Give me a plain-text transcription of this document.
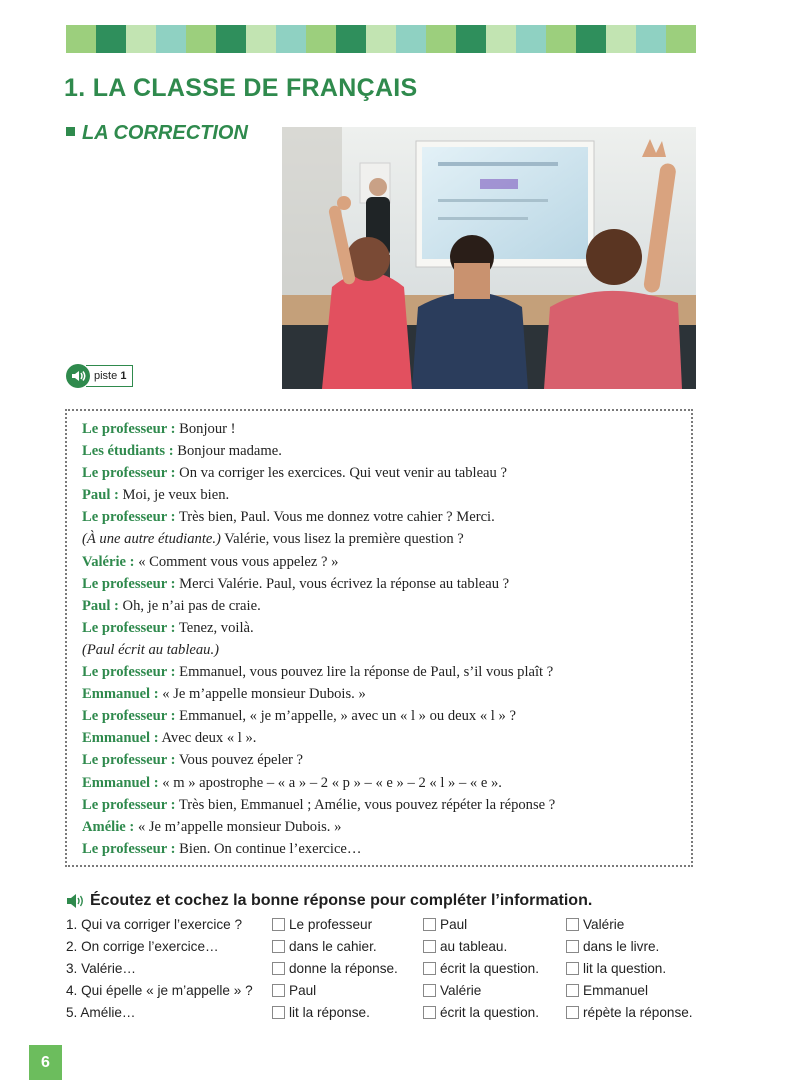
1. LA CLASSE DE FRANÇAIS
LA CORRECTION
piste 1
Le professeur : Bonjour !
Les étudiants : Bonjour madame.
Le professeur : On va corriger les exercices. Qui veut venir au tableau ?
Paul : Moi, je veux bien.
Le professeur : Très bien, Paul. Vous me donnez votre cahier ? Merci.
(À une autre étudiante.) Valérie, vous lisez la première question ?
Valérie : « Comment vous vous appelez ? »
Le professeur : Merci Valérie. Paul, vous écrivez la réponse au tableau ?
Paul : Oh, je n’ai pas de craie.
Le professeur : Tenez, voilà.
(Paul écrit au tableau.)
Le professeur : Emmanuel, vous pouvez lire la réponse de Paul, s’il vous plaît ?
Emmanuel : « Je m’appelle monsieur Dubois. »
Le professeur : Emmanuel, « je m’appelle, » avec un « l » ou deux « l » ?
Emmanuel : Avec deux « l ».
Le professeur : Vous pouvez épeler ?
Emmanuel : « m » apostrophe – « a » – 2 « p » – « e » – 2 « l » – « e ».
Le professeur : Très bien, Emmanuel ; Amélie, vous pouvez répéter la réponse ?
Amélie : « Je m’appelle monsieur Dubois. »
Le professeur : Bien. On continue l’exercice…
Écoutez et cochez la bonne réponse pour compléter l’information.
1. Qui va corriger l’exercice ?	Le professeur	Paul	Valérie
2. On corrige l’exercice…	dans le cahier.	au tableau.	dans le livre.
3. Valérie…	donne la réponse.	écrit la question.	lit la question.
4. Qui épelle « je m’appelle » ?	Paul	Valérie	Emmanuel
5. Amélie…	lit la réponse.	écrit la question.	répète la réponse.
6
